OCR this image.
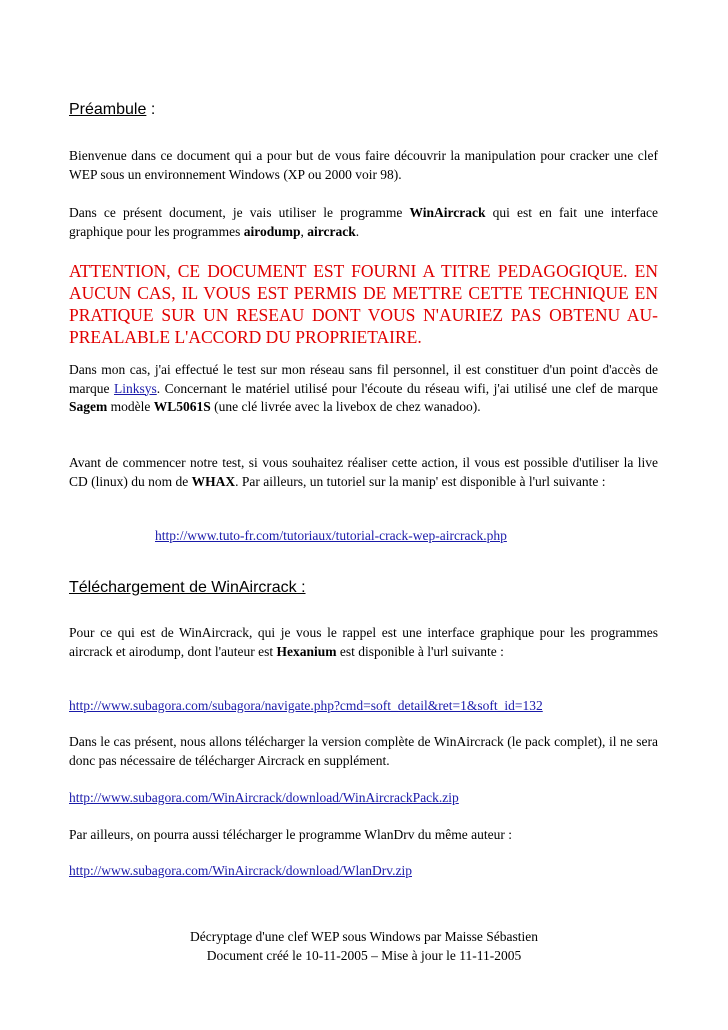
Préambule :

Bienvenue dans ce document qui a pour but de vous faire découvrir la manipulation pour cracker une clef WEP sous un environnement Windows (XP ou 2000 voir 98).

Dans ce présent document, je vais utiliser le programme WinAircrack qui est en fait une interface graphique pour les programmes airodump, aircrack.

ATTENTION, CE DOCUMENT EST FOURNI A TITRE PEDAGOGIQUE. EN AUCUN CAS, IL VOUS EST PERMIS DE METTRE CETTE TECHNIQUE EN PRATIQUE SUR UN RESEAU DONT VOUS N'AURIEZ PAS OBTENU AU-PREALABLE L'ACCORD DU PROPRIETAIRE.

Dans mon cas, j'ai effectué le test sur mon réseau sans fil personnel, il est constituer d'un point d'accès de marque Linksys. Concernant le matériel utilisé pour l'écoute du réseau wifi, j'ai utilisé une clef de marque Sagem modèle WL5061S (une clé livrée avec la livebox de chez wanadoo).

Avant de commencer notre test, si vous souhaitez réaliser cette action, il vous est possible d'utiliser la live CD (linux) du nom de WHAX. Par ailleurs, un tutoriel sur la manip' est disponible à l'url suivante :

http://www.tuto-fr.com/tutoriaux/tutorial-crack-wep-aircrack.php

Téléchargement de WinAircrack :

Pour ce qui est de WinAircrack, qui je vous le rappel est une interface graphique pour les programmes aircrack et airodump, dont l'auteur est Hexanium est disponible à l'url suivante :

http://www.subagora.com/subagora/navigate.php?cmd=soft_detail&ret=1&soft_id=132

Dans le cas présent, nous allons télécharger la version complète de WinAircrack (le pack complet), il ne sera donc pas nécessaire de télécharger Aircrack en supplément.

http://www.subagora.com/WinAircrack/download/WinAircrackPack.zip

Par ailleurs, on pourra aussi télécharger le programme WlanDrv du même auteur :

http://www.subagora.com/WinAircrack/download/WlanDrv.zip

Décryptage d'une clef WEP sous Windows par Maisse Sébastien
Document créé le 10-11-2005 – Mise à jour le 11-11-2005
